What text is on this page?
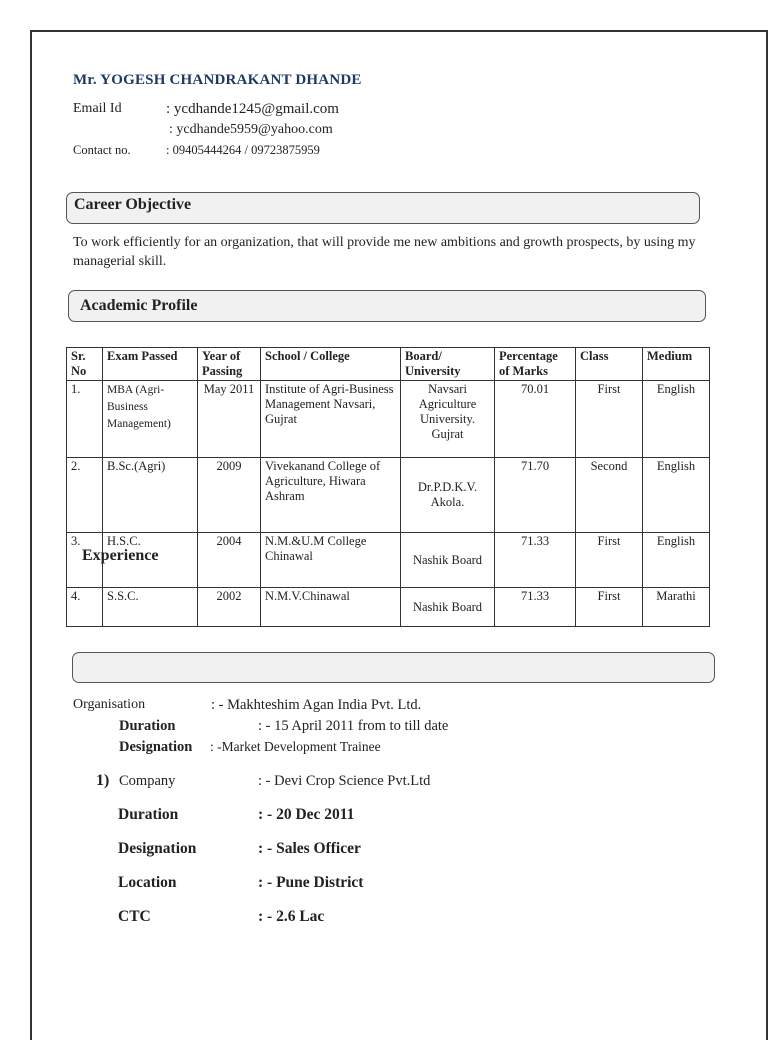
Mr. YOGESH CHANDRAKANT DHANDE
Email Id	: ycdhande1245@gmail.com
: ycdhande5959@yahoo.com
Contact no.	: 09405444264 / 09723875959
Career Objective
To work efficiently for an organization, that will provide me new ambitions and growth prospects, by using my managerial skill.
Academic Profile
Sr. No	Exam Passed	Year of Passing	School / College	Board/ University	Percentage of Marks	Class	Medium
1.	MBA (Agri-Business Management)	May 2011	Institute of Agri-Business Management Navsari, Gujrat	Navsari Agriculture University. Gujrat	70.01	First	English
2.	B.Sc.(Agri)	2009	Vivekanand College of Agriculture, Hiwara Ashram	Dr.P.D.K.V. Akola.	71.70	Second	English
3.	H.S.C.	2004	N.M.&U.M College Chinawal	Nashik Board	71.33	First	English
4.	S.S.C.	2002	N.M.V.Chinawal	Nashik Board	71.33	First	Marathi
Experience
Organisation	: - Makhteshim Agan India Pvt. Ltd.
Duration	: - 15 April 2011 from to till date
Designation : -Market Development Trainee
1) Company	: - Devi Crop Science Pvt.Ltd
Duration	: - 20 Dec 2011
Designation	: - Sales Officer
Location	: - Pune District
CTC	: - 2.6 Lac
